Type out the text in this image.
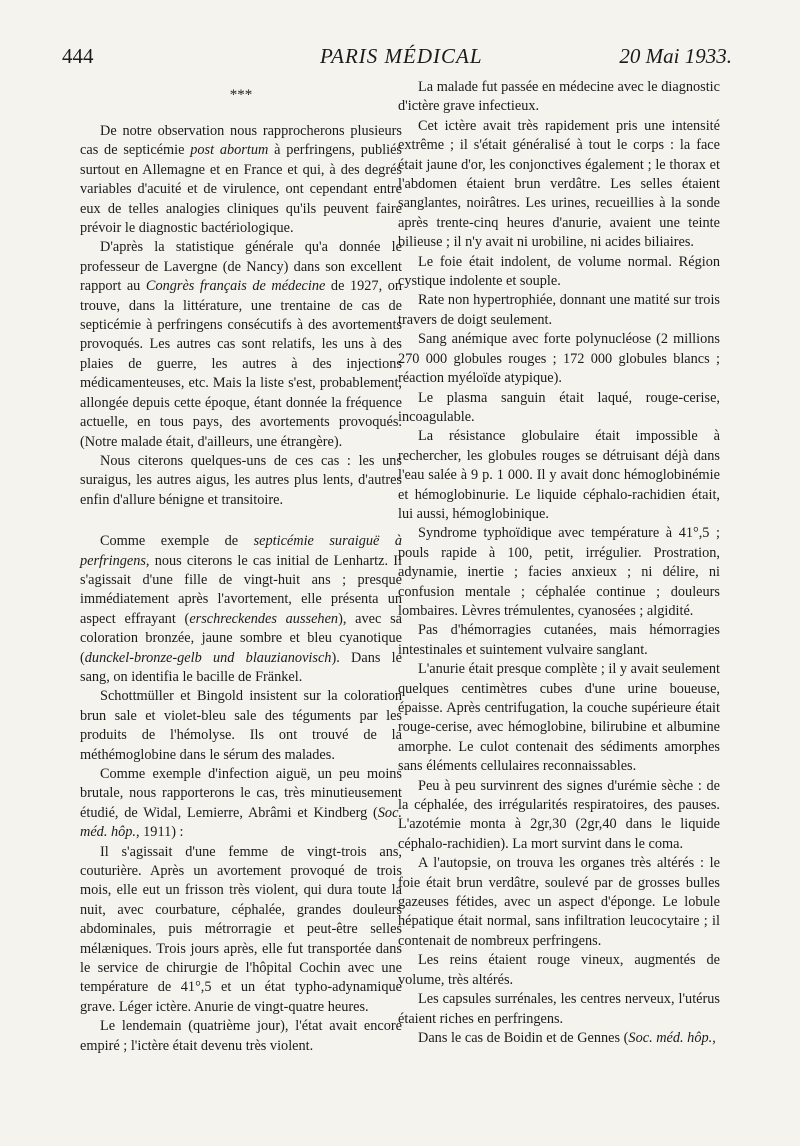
444	PARIS MÉDICAL	20 Mai 1933.
***

De notre observation nous rapprocherons plusieurs cas de septicémie post abortum à perfringens, publiés surtout en Allemagne et en France et qui, à des degrés variables d'acuité et de virulence, ont cependant entre eux de telles analogies cliniques qu'ils peuvent faire prévoir le diagnostic bactériologique.

D'après la statistique générale qu'a donnée le professeur de Lavergne (de Nancy) dans son excellent rapport au Congrès français de médecine de 1927, on trouve, dans la littérature, une trentaine de cas de septicémie à perfringens consécutifs à des avortements provoqués. Les autres cas sont relatifs, les uns à des plaies de guerre, les autres à des injections médicamenteuses, etc. Mais la liste s'est, probablement, allongée depuis cette époque, étant donnée la fréquence actuelle, en tous pays, des avortements provoqués. (Notre malade était, d'ailleurs, une étrangère).

Nous citerons quelques-uns de ces cas : les uns suraigus, les autres aigus, les autres plus lents, d'autres enfin d'allure bénigne et transitoire.

Comme exemple de septicémie suraiguë à perfringens, nous citerons le cas initial de Lenhartz. Il s'agissait d'une fille de vingt-huit ans ; presque immédiatement après l'avortement, elle présenta un aspect effrayant (erschreckendes aussehen), avec sa coloration bronzée, jaune sombre et bleu cyanotique (dunckel-bronze-gelb und blauzianovisch). Dans le sang, on identifia le bacille de Fränkel.

Schottmüller et Bingold insistent sur la coloration brun sale et violet-bleu sale des téguments par les produits de l'hémolyse. Ils ont trouvé de la méthémoglobine dans le sérum des malades.

Comme exemple d'infection aiguë, un peu moins brutale, nous rapporterons le cas, très minutieusement étudié, de Widal, Lemierre, Abrâmi et Kindberg (Soc. méd. hôp., 1911) :

Il s'agissait d'une femme de vingt-trois ans, couturière. Après un avortement provoqué de trois mois, elle eut un frisson très violent, qui dura toute la nuit, avec courbature, céphalée, grandes douleurs abdominales, puis métrorragie et peut-être selles mélæniques. Trois jours après, elle fut transportée dans le service de chirurgie de l'hôpital Cochin avec une température de 41°,5 et un état typho-adynamique grave. Léger ictère. Anurie de vingt-quatre heures.

Le lendemain (quatrième jour), l'état avait encore empiré ; l'ictère était devenu très violent.

La malade fut passée en médecine avec le diagnostic d'ictère grave infectieux.

Cet ictère avait très rapidement pris une intensité extrême ; il s'était généralisé à tout le corps : la face était jaune d'or, les conjonctives également ; le thorax et l'abdomen étaient brun verdâtre. Les selles étaient sanglantes, noirâtres. Les urines, recueillies à la sonde après trente-cinq heures d'anurie, avaient une teinte bilieuse ; il n'y avait ni urobiline, ni acides biliaires.

Le foie était indolent, de volume normal. Région cystique indolente et souple.

Rate non hypertrophiée, donnant une matité sur trois travers de doigt seulement.

Sang anémique avec forte polynucléose (2 millions 270 000 globules rouges ; 172 000 globules blancs ; réaction myéloïde atypique).

Le plasma sanguin était laqué, rouge-cerise, incoagulable.

La résistance globulaire était impossible à rechercher, les globules rouges se détruisant déjà dans l'eau salée à 9 p. 1 000. Il y avait donc hémoglobinémie et hémoglobinurie. Le liquide céphalo-rachidien était, lui aussi, hémoglobinique.

Syndrome typhoïdique avec température à 41°,5 ; pouls rapide à 100, petit, irrégulier. Prostration, adynamie, inertie ; facies anxieux ; ni délire, ni confusion mentale ; céphalée continue ; douleurs lombaires. Lèvres trémulentes, cyanosées ; algidité.

Pas d'hémorragies cutanées, mais hémorragies intestinales et suintement vulvaire sanglant.

L'anurie était presque complète ; il y avait seulement quelques centimètres cubes d'une urine boueuse, épaisse. Après centrifugation, la couche supérieure était rouge-cerise, avec hémoglobine, bilirubine et albumine amorphe. Le culot contenait des sédiments amorphes sans éléments cellulaires reconnaissables.

Peu à peu survinrent des signes d'urémie sèche : de la céphalée, des irrégularités respiratoires, des pauses. L'azotémie monta à 2gr,30 (2gr,40 dans le liquide céphalo-rachidien). La mort survint dans le coma.

A l'autopsie, on trouva les organes très altérés : le foie était brun verdâtre, soulevé par de grosses bulles gazeuses fétides, avec un aspect d'éponge. Le lobule hépatique était normal, sans infiltration leucocytaire ; il contenait de nombreux perfringens.

Les reins étaient rouge vineux, augmentés de volume, très altérés.

Les capsules surrénales, les centres nerveux, l'utérus étaient riches en perfringens.

Dans le cas de Boidin et de Gennes (Soc. méd. hôp.,
